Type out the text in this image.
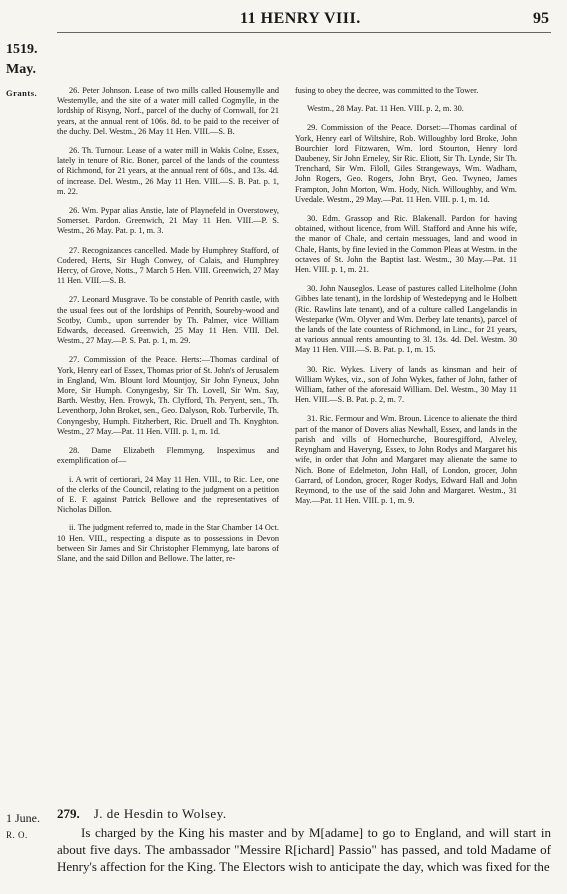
11 HENRY VIII.	95
1519.
May.
Grants.	26. Peter Johnson. Lease of two mills called Housemylle and Westemylle, and the site of a water mill called Cogmylle, in the lordship of Risyng, Norf., parcel of the duchy of Cornwall, for 21 years, at the annual rent of 106s. 8d. to be paid to the receiver of the duchy. Del. Westm., 26 May 11 Hen. VIII.—S. B.

26. Th. Turnour. Lease of a water mill in Wakis Colne, Essex, lately in tenure of Ric. Boner, parcel of the lands of the countess of Richmond, for 21 years, at the annual rent of 60s., and 13s. 4d. of increase. Del. Westm., 26 May 11 Hen. VIII.—S. B. Pat. p. 1, m. 22.

26. Wm. Pypar alias Anstie, late of Playnefeld in Overstowey, Somerset. Pardon. Greenwich, 21 May 11 Hen. VIII.—P. S. Westm., 26 May. Pat. p. 1, m. 3.

27. Recognizances cancelled. Made by Humphrey Stafford, of Codered, Herts, Sir Hugh Conwey, of Calais, and Humphrey Hercy, of Grove, Notts., 7 March 5 Hen. VIII. Greenwich, 27 May 11 Hen. VIII.—S. B.

27. Leonard Musgrave. To be constable of Penrith castle, with the usual fees out of the lordships of Penrith, Soureby-wood and Scotby, Cumb., upon surrender by Th. Palmer, vice William Edwards, deceased. Greenwich, 25 May 11 Hen. VIII. Del. Westm., 27 May.—P. S. Pat. p. 1, m. 29.

27. Commission of the Peace. Herts:—Thomas cardinal of York, Henry earl of Essex, Thomas prior of St. John's of Jerusalem in England, Wm. Blount lord Mountjoy, Sir John Fyneux, John More, Sir Humph. Conyngesby, Sir Th. Lovell, Sir Wm. Say, Barth. Westby, Hen. Frowyk, Th. Clyfford, Th. Peryent, sen., Th. Leventhorp, John Broket, sen., Geo. Dalyson, Rob. Turbervile, Th. Conyngesby, Humph. Fitzherbert, Ric. Druell and Th. Knyghton. Westm., 27 May.—Pat. 11 Hen. VIII. p. 1, m. 1d.

28. Dame Elizabeth Flemmyng. Inspeximus and exemplification of—

i. A writ of certiorari, 24 May 11 Hen. VIII., to Ric. Lee, one of the clerks of the Council, relating to the judgment on a petition of E. F. against Patrick Bellowe and the representatives of Nicholas Dillon.

ii. The judgment referred to, made in the Star Chamber 14 Oct. 10 Hen. VIII., respecting a dispute as to possessions in Devon between Sir James and Sir Christopher Flemmyng, late barons of Slane, and the said Dillon and Bellowe. The latter, re-

fusing to obey the decree, was committed to the Tower.

Westm., 28 May. Pat. 11 Hen. VIII. p. 2, m. 30.

29. Commission of the Peace. Dorset:—Thomas cardinal of York, Henry earl of Wiltshire, Rob. Willoughby lord Broke, John Bourchier lord Fitzwaren, Wm. lord Stourton, Henry lord Daubeney, Sir John Erneley, Sir Ric. Eliott, Sir Th. Lynde, Sir Th. Trenchard, Sir Wm. Filoll, Giles Strangeways, Wm. Wadham, John Rogers, Geo. Rogers, John Bryt, Geo. Twyneo, James Frampton, John Morton, Wm. Hody, Nich. Willoughby, and Wm. Uvedale. Westm., 29 May.—Pat. 11 Hen. VIII. p. 1, m. 1d.

30. Edm. Grassop and Ric. Blakenall. Pardon for having obtained, without licence, from Will. Stafford and Anne his wife, the manor of Chale, and certain messuages, land and wood in Chale, Hants, by fine levied in the Common Pleas at Westm. in the octaves of St. John the Baptist last. Westm., 30 May.—Pat. 11 Hen. VIII. p. 1, m. 21.

30. John Nauseglos. Lease of pastures called Litelholme (John Gibbes late tenant), in the lordship of Westedepyng and le Holbett (Ric. Rawlins late tenant), and of a culture called Langelandis in Westeparke (Wm. Olyver and Wm. Derbey late tenants), parcel of the lands of the late countess of Richmond, in Linc., for 21 years, at various annual rents amounting to 3l. 13s. 4d. Del. Westm. 30 May 11 Hen. VIII.—S. B. Pat. p. 1, m. 15.

30. Ric. Wykes. Livery of lands as kinsman and heir of William Wykes, viz., son of John Wykes, father of John, father of William, father of the aforesaid William. Del. Westm., 30 May 11 Hen. VIII.—S. B. Pat. p. 2, m. 7.

31. Ric. Fermour and Wm. Broun. Licence to alienate the third part of the manor of Dovers alias Newhall, Essex, and lands in the parish and vills of Hornechurche, Bouresgifford, Alveley, Reyngham and Haveryng, Essex, to John Rodys and Margaret his wife, in order that John and Margaret may alienate the same to Nich. Bone of Edelmeton, John Hall, of London, grocer, John Garrard, of London, grocer, Roger Rodys, Edward Hall and John Reymond, to the use of the said John and Margaret. Westm., 31 May.—Pat. 11 Hen. VIII. p. 1, m. 9.

1 June.
R. O.
279. J. de Hesdin to Wolsey.

Is charged by the King his master and by M[adame] to go to England, and will start in about five days. The ambassador "Messire R[ichard] Passio" has passed, and told Madame of Henry's affection for the King. The Electors wish to anticipate the day, which was fixed for the
